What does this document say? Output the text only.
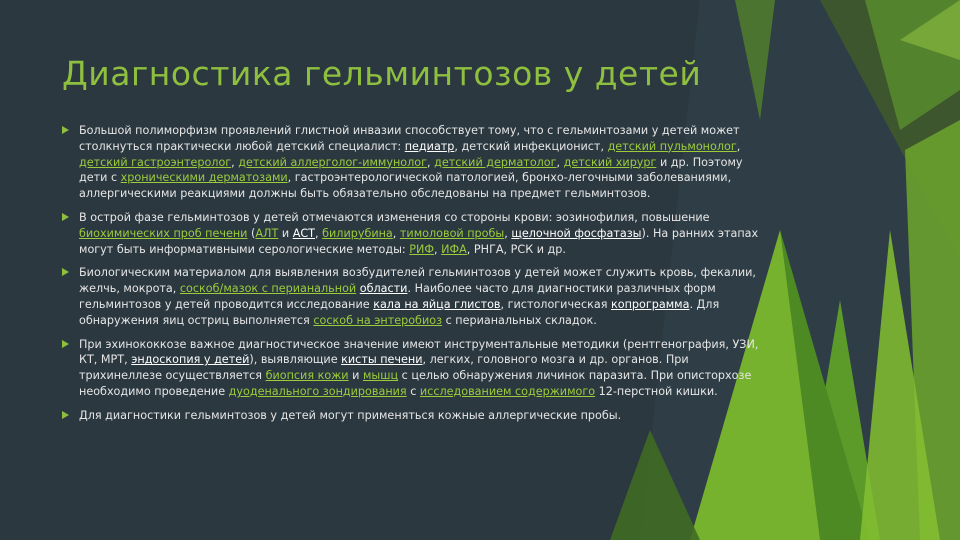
Диагностика гельминтозов у детей
Большой полиморфизм проявлений глистной инвазии способствует тому, что с гельминтозами у детей может столкнуться практически любой детский специалист: педиатр, детский инфекционист, детский пульмонолог, детский гастроэнтеролог, детский аллерголог-иммунолог, детский дерматолог, детский хирург и др. Поэтому дети с хроническими дерматозами, гастроэнтерологической патологией, бронхо-легочными заболеваниями, аллергическими реакциями должны быть обязательно обследованы на предмет гельминтозов.
В острой фазе гельминтозов у детей отмечаются изменения со стороны крови: эозинофилия, повышение биохимических проб печени (АЛТ и АСТ, билирубина, тимоловой пробы, щелочной фосфатазы). На ранних этапах могут быть информативными серологические методы: РИФ, ИФА, РНГА, РСК и др.
Биологическим материалом для выявления возбудителей гельминтозов у детей может служить кровь, фекалии, желчь, мокрота, соскоб/мазок с перианальной области. Наиболее часто для диагностики различных форм гельминтозов у детей проводится исследование кала на яйца глистов, гистологическая копрограмма. Для обнаружения яиц остриц выполняется соскоб на энтеробиоз с перианальных складок.
При эхинококкозе важное диагностическое значение имеют инструментальные методики (рентгенография, УЗИ, КТ, МРТ, эндоскопия у детей), выявляющие кисты печени, легких, головного мозга и др. органов. При трихинеллезе осуществляется биопсия кожи и мышц с целью обнаружения личинок паразита. При описторхозе необходимо проведение дуоденального зондирования с исследованием содержимого 12-перстной кишки.
Для диагностики гельминтозов у детей могут применяться кожные аллергические пробы.
